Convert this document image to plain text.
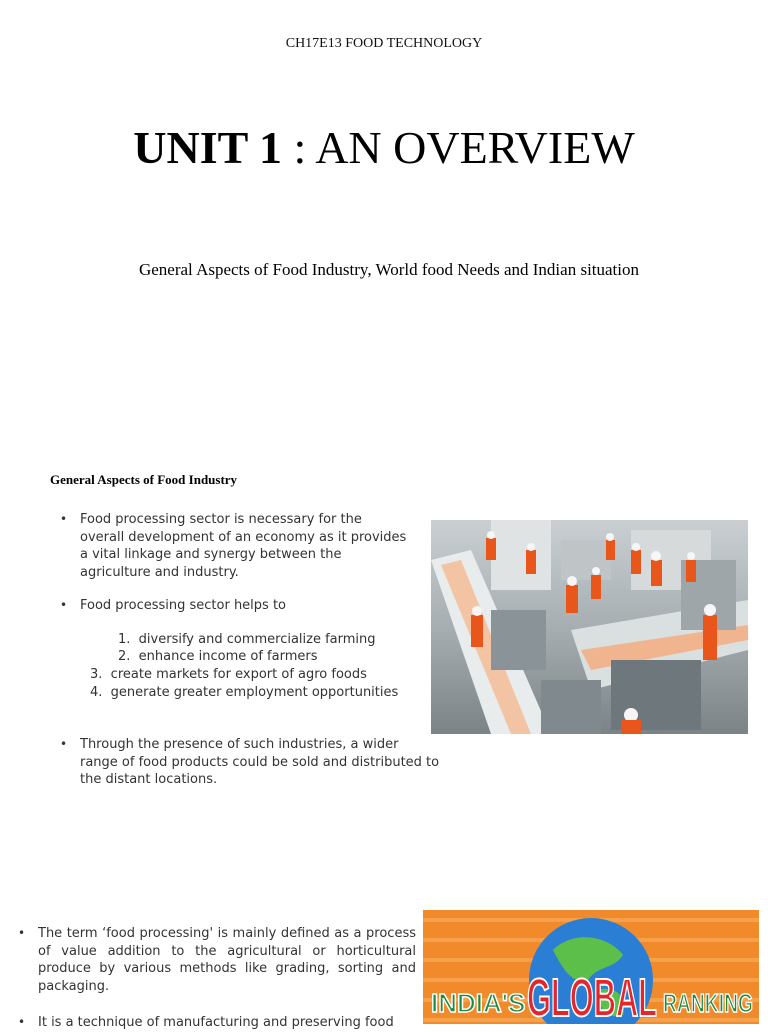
CH17E13 FOOD TECHNOLOGY
UNIT 1 : AN OVERVIEW
General Aspects of Food Industry, World food Needs and Indian situation
General Aspects of Food Industry
• Food processing sector is necessary for the overall development of an economy as it provides a vital linkage and synergy between the agriculture and industry.
• Food processing sector helps to
1. diversify and commercialize farming
2. enhance income of farmers
3. create markets for export of agro foods
4. generate greater employment opportunities
• Through the presence of such industries, a wider range of food products could be sold and distributed to the distant locations.
• The term ‘food processing' is mainly defined as a process of value addition to the agricultural or horticultural produce by various methods like grading, sorting and packaging.
• It is a technique of manufacturing and preserving food
INDIA'S GLOBAL RANKING
